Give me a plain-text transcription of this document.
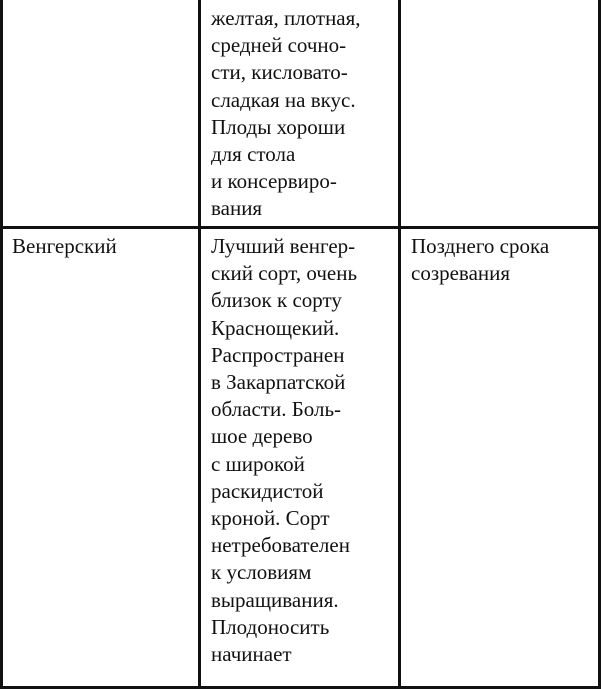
желтая, плотная,
средней сочно-
сти, кисловато-
сладкая на вкус.
Плоды хороши
для стола
и консервиро-
вания
Венгерский	Лучший венгер-
ский сорт, очень
близок к сорту
Краснощекий.
Распространен
в Закарпатской
области. Боль-
шое дерево
с широкой
раскидистой
кроной. Сорт
нетребователен
к условиям
выращивания.
Плодоносить
начинает
Позднего срока
созревания
